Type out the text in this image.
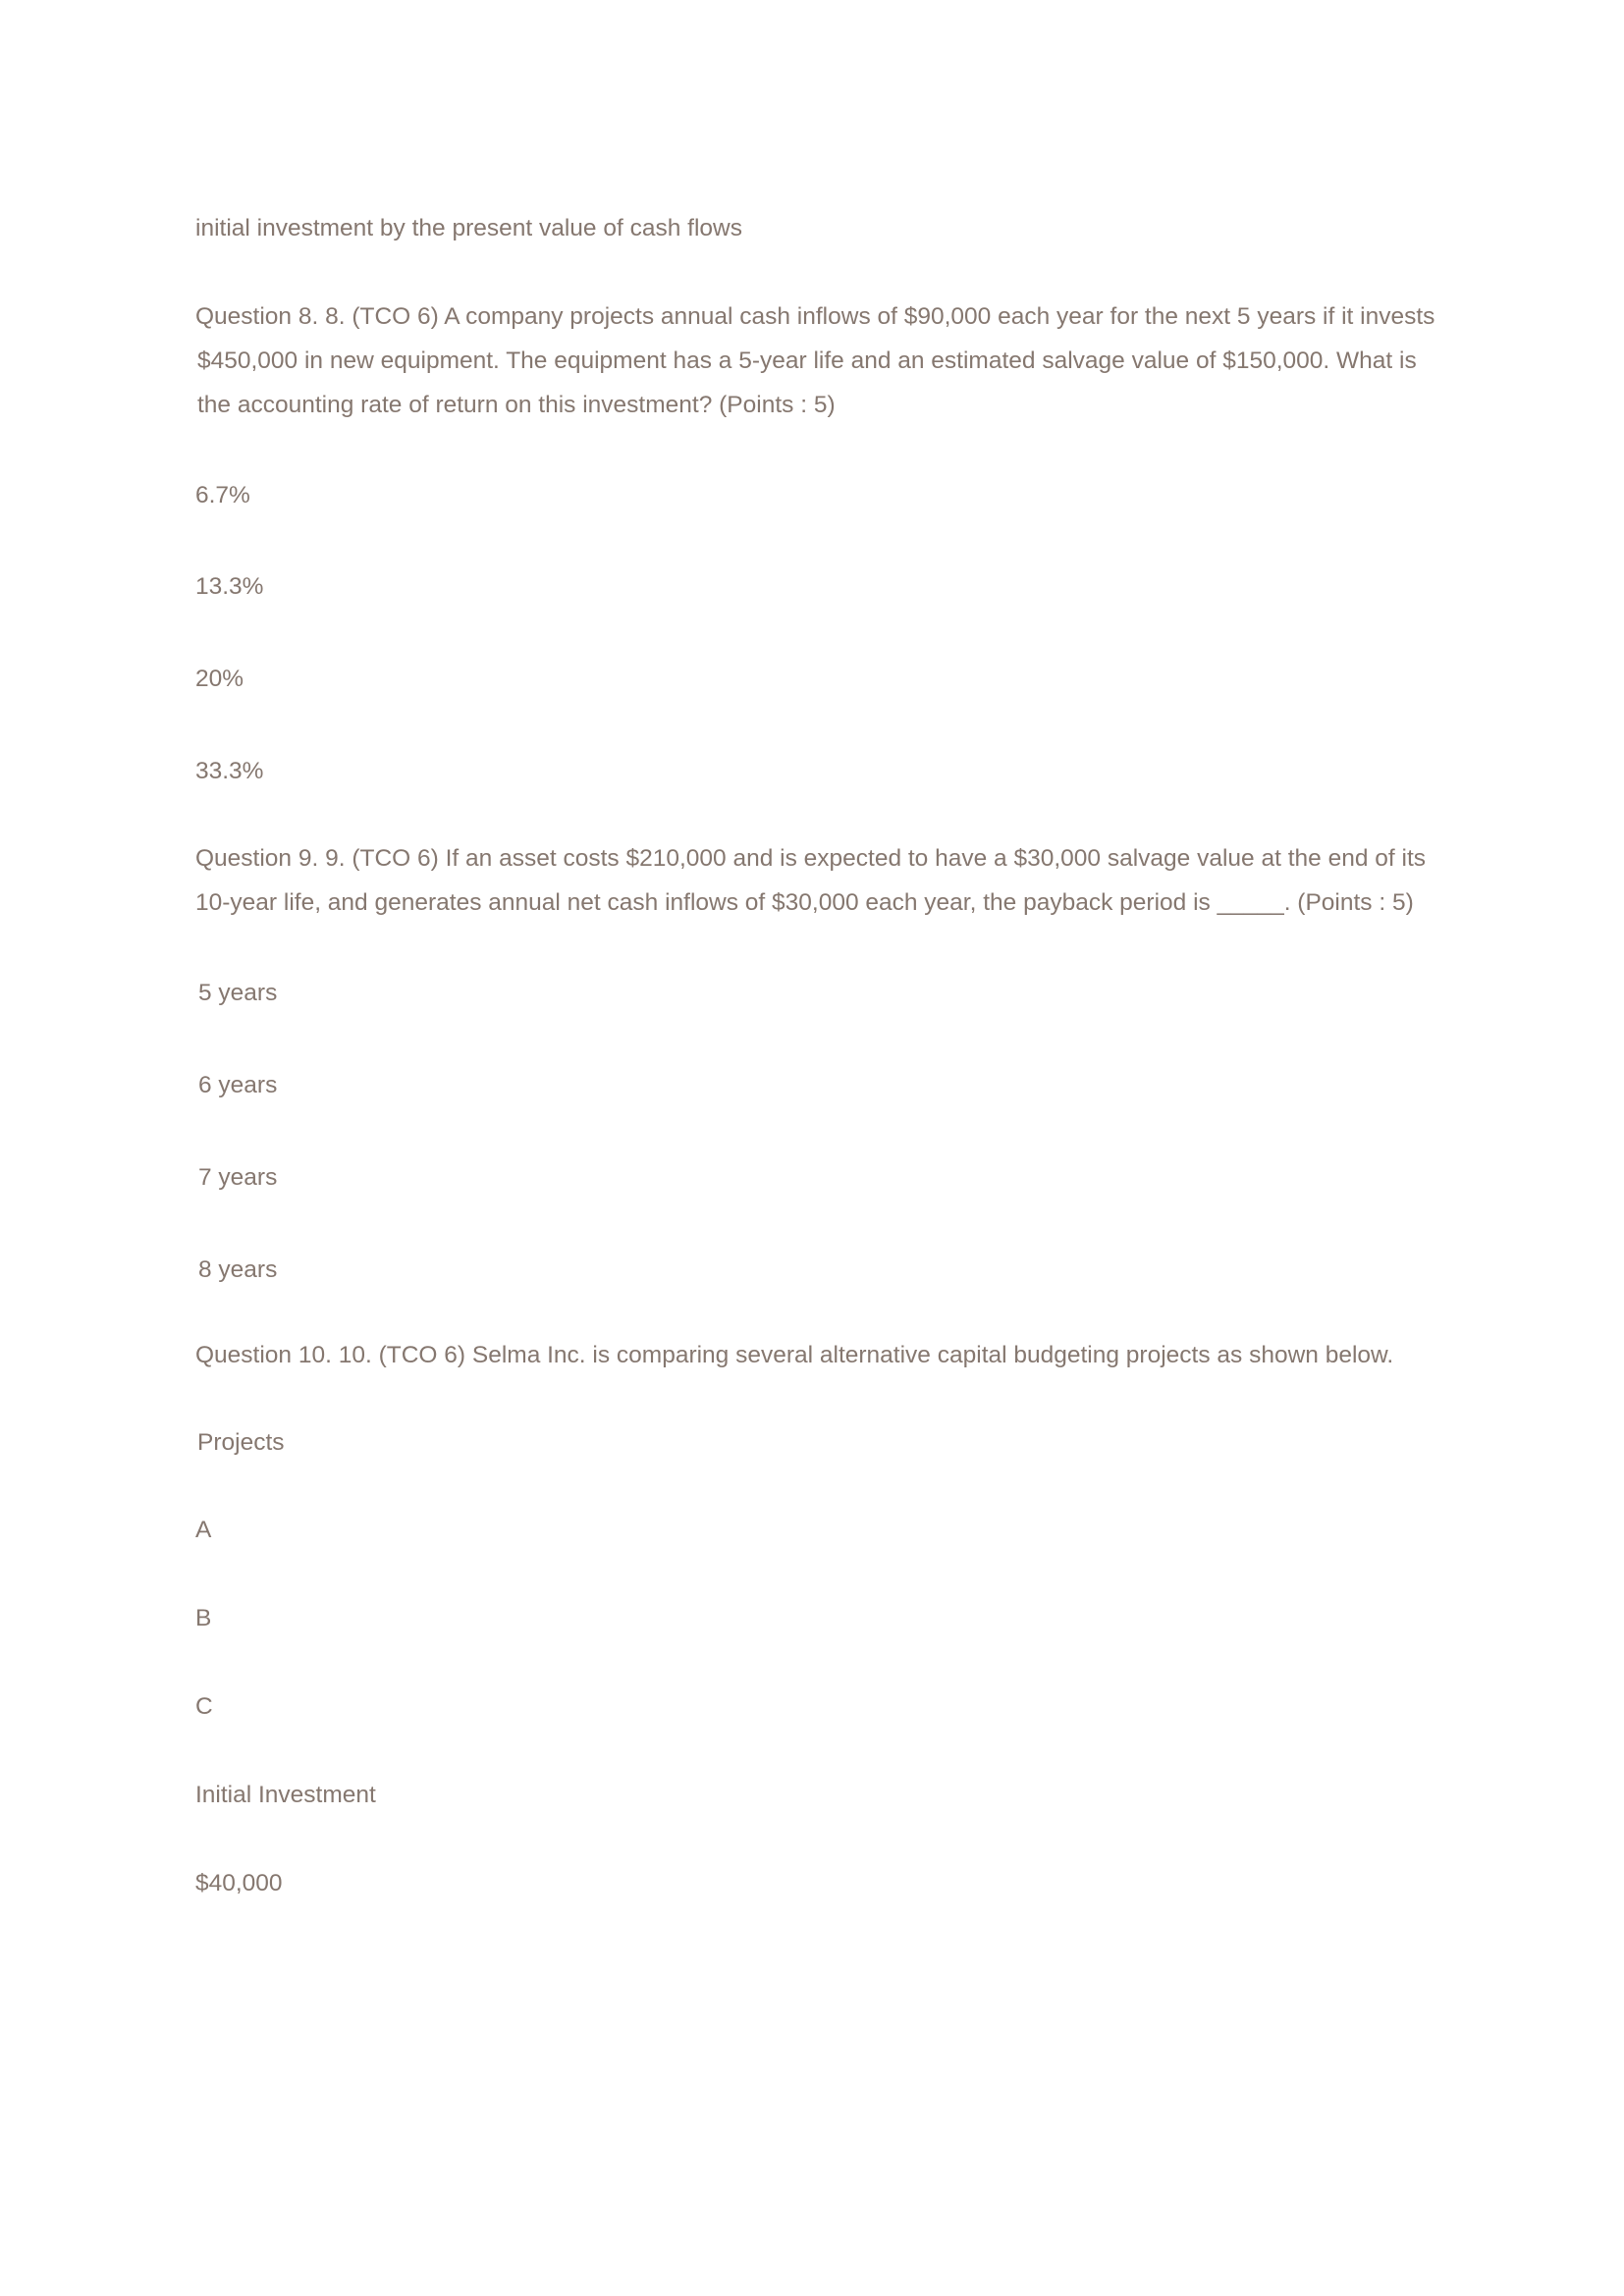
initial investment by the present value of cash flows

Question 8. 8. (TCO 6) A company projects annual cash inflows of $90,000 each year for the next 5 years if it invests

$450,000 in new equipment. The equipment has a 5-year life and an estimated salvage value of $150,000. What is

the accounting rate of return on this investment? (Points : 5)

6.7%

13.3%

20%

33.3%

Question 9. 9. (TCO 6) If an asset costs $210,000 and is expected to have a $30,000 salvage value at the end of its

10-year life, and generates annual net cash inflows of $30,000 each year, the payback period is _____. (Points : 5)

5 years

6 years

7 years

8 years

Question 10. 10. (TCO 6) Selma Inc. is comparing several alternative capital budgeting projects as shown below.

Projects

A

B

C

Initial Investment

$40,000
